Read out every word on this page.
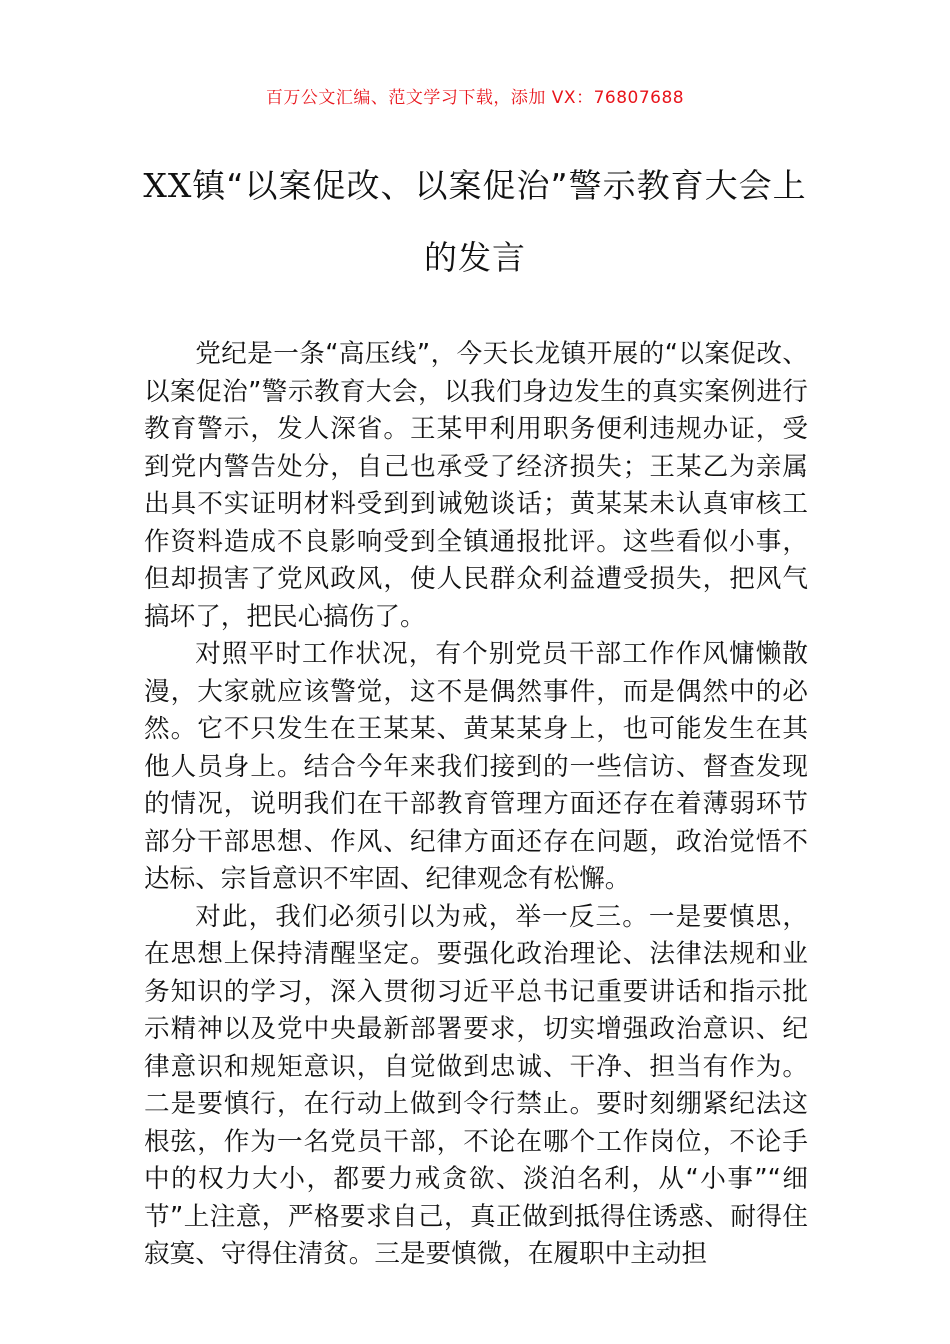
百万公文汇编、范文学习下载，添加 VX：76807688
XX镇“以案促改、以案促治”警示教育大会上的发言

党纪是一条“高压线”，今天长龙镇开展的“以案促改、以案促治”警示教育大会，以我们身边发生的真实案例进行教育警示，发人深省。王某甲利用职务便利违规办证，受到党内警告处分，自己也承受了经济损失；王某乙为亲属出具不实证明材料受到到诫勉谈话；黄某某未认真审核工作资料造成不良影响受到全镇通报批评。这些看似小事，但却损害了党风政风，使人民群众利益遭受损失，把风气搞坏了，把民心搞伤了。

对照平时工作状况，有个别党员干部工作作风慵懒散漫，大家就应该警觉，这不是偶然事件，而是偶然中的必然。它不只发生在王某某、黄某某身上，也可能发生在其他人员身上。结合今年来我们接到的一些信访、督查发现的情况，说明我们在干部教育管理方面还存在着薄弱环节部分干部思想、作风、纪律方面还存在问题，政治觉悟不达标、宗旨意识不牢固、纪律观念有松懈。

对此，我们必须引以为戒，举一反三。一是要慎思，在思想上保持清醒坚定。要强化政治理论、法律法规和业务知识的学习，深入贯彻习近平总书记重要讲话和指示批示精神以及党中央最新部署要求，切实增强政治意识、纪律意识和规矩意识，自觉做到忠诚、干净、担当有作为。二是要慎行，在行动上做到令行禁止。要时刻绷紧纪法这根弦，作为一名党员干部，不论在哪个工作岗位，不论手中的权力大小，都要力戒贪欲、淡泊名利，从“小事”“细节”上注意，严格要求自己，真正做到抵得住诱惑、耐得住寂寞、守得住清贫。三是要慎微，在履职中主动担
